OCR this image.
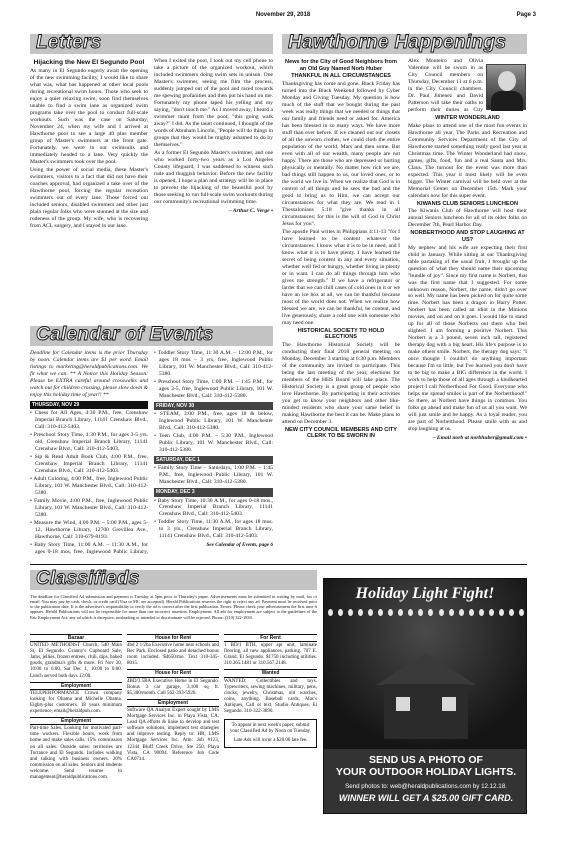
November 29, 2018	Page 3
Letters
Hijacking the New El Segundo Pool

As many in El Segundo eagerly await the opening of the new swimming facility, I would like to share what was, what has happened at other local pools during recreational swim hours. Those who seek to enjoy a quiet relaxing swim, soon find themselves unable to find a swim lane as organized swim programs take over the pool to conduct full-scale workouts. Such was the case on Saturday, November 24, when my wife and I arrived at Hawthorne pool to see a large 40 plus member group of Master's swimmers at the front gate. Fortunately, we were in our swimsuits and immediately headed to a lane. Very quickly the Master's swimmers took over the pool.

Using the power of social media, these Master's swimmers, visitors to a fact that did not have their coaches approval, had organized a take over of the Hawthorne pool, forcing the regular recreation swimmers out of every lane. Those forced out included seniors, disabled swimmers and other just plain regular folks who were stunned at the size and rudeness of the group. My wife, who is recovering from ACL surgery, and I stayed in our lane.

When I exited the pool, I took out my cell phone to take a picture of the organized workout, which included swimmers doing swim sets in unison. One Master's swimmer, seeing me film the process, suddenly jumped out of the pool and raced towards me spewing profanities and then put his hand on me. Fortunately my phone taped his yelling and my saying, "don't touch me." As I moved away, I heard a swimmer taunt from the pool, "this going walk away?" I did. As the taunt continued, I thought of the words of Abraham Lincoln, "People will do things in groups that they would be mighty ashamed to do by themselves."

As a former El Segundo Master's swimmer, and one who worked forty-two years as a Los Angeles County lifeguard, I was saddened to witness such rude and thuggish behavior. Before the new facility is opened, I hope a plan and strategy will be in place to prevent the hijacking of the beautiful pool by those seeking to run full-scale swim workouts during our community's recreational swimming time.

– Arthur C. Verge •
Calendar of Events

Deadline for Calendar items is the prior Thursday by noon. Calendar items are $1 per word. Email listings to marketing@heraldpublications.com. We fit what we can. ** A Notice this Holiday Season: Please be EXTRA careful around crosswalks and watch out for children crossing, please slow down & enjoy this holiday time of year!! **

THURSDAY, NOV 29
• Chess for All Ages, 4:30 P.M., free, Crenshaw Imperial Branch Library, 11141 Crenshaw Blvd., Call: 310-412-5403.
• Preschool Story Time, 1:30 P.M., for ages 3-5 yrs. old, Crenshaw Imperial Branch Library, 11141 Crenshaw Blvd., Call: 310-412-5403.
• Sip & Read Adult Book Club, 4:00 P.M., free, Crenshaw Imperial Branch Library, 11141 Crenshaw Blvd., Call: 310-412-5403.
• Adult Coloring, 4:00 P.M., free, Inglewood Public Library, 101 W. Manchester Blvd., Call: 310-412-5380.
• Family Movie, 4:00 P.M., free, Inglewood Public Library, 101 W. Manchester Blvd., Call: 310-412-5380.
• Measure the Wind, 4:00 P.M. – 5:00 P.M., ages 5-12, Hawthorne Library, 12700 Grevillea Ave., Hawthorne, Call: 310-679-8193.
• Baby Story Time, 11:00 A.M. – 11:30 A.M., for ages 0-18 mos, free, Inglewood Public Library,
• Toddler Story Time, 11:30 A.M. – 12:00 P.M., for ages 18 mos – 3 yrs, free, Inglewood Public Library, 101 W. Manchester Blvd., Call: 310-412-5380.
• Preschool Story Time, 1:00 P.M. – 1:45 P.M., for ages 3-5, free, Inglewood Public Library, 101 W. Manchester Blvd., Call: 310-412-5380.
FRIDAY, NOV 30
• STEAM, 3:00 P.M., free, ages 18 & below, Inglewood Public Library, 101 W. Manchester Blvd., Call: 310-412-5380.
• Teen Club, 4:00 P.M. – 5:30 P.M., Inglewood Public Library, 101 W. Manchester Blvd., Call: 310-412-5380.
SATURDAY, DEC 1
• Family Story Time – Saturdays, 1:00 P.M. – 1:45 P.M., free, Inglewood Public Library, 101 W. Manchester Blvd., Call: 310-412-5380.
MONDAY, DEC 3
• Baby Story Time, 10:30 A.M., for ages 0-18 mos., Crenshaw Imperial Branch Library, 11141 Crenshaw Blvd., Call: 310-412-5403.
• Toddler Story Time, 11:30 A.M., for ages 18 mos. to 3 yrs., Crenshaw Imperial Branch Library, 11141 Crenshaw Blvd., Call: 310-412-5403.
See Calendar of Events, page 6
Hawthorne Happenings
News for the City of Good Neighbors from an Old Guy Named Norb Huber
THANKFUL IN ALL CIRCUMSTANCES

Thanksgiving has come and gone. Black Friday has turned into the Black Weekend followed by Cyber Monday and Giving Tuesday. My question is how much of the stuff that we bought during the past week was really things that we needed or things that our family and friends need or asked for. America has been blessed in so many ways. We have more stuff than ever before. If we cleaned out our closets of all the unworn clothes, we could cloth the entire population of the world, Mars and then some. But even with all of our wealth, many people are not happy. There are those who are depressed or hurting physically or mentally. No matter how rich we are, bad things still happen to us, our loved ones, or to the world we live in. When we realize that God is in control of all things and he sees the bad and the good to bring us to Him, we can accept our circumstances for what they are. We read in 1 Thessalonians 5:18 "give thanks in all circumstances; for this is the will of God in Christ Jesus for you".

The apostle Paul writes in Philippians 4:11-13 "for I have learned to be content whatever the circumstances. I know what it is to be in need, and I know what it is to have plenty. I have learned the secret of being content in any and every situation, whether well fed or hungry, whether living in plenty or in want. I can do all things through him who gives me strength." If we have a refrigerator or larder that we can chill cases of cold ones in it or we have an ice box at all, we can be thankful because most of the world does not. When we realize how blessed we are, we can be thankful, be content, and live generously, share a cold one with someone who may need one.

HISTORICAL SOCIETY TO HOLD ELECTIONS

The Hawthorne Historical Society will be conducting their final 2018 general meeting on Monday, December 3 starting at 6:30 p.m. Members of the community are invited to participate. This being the last meeting of the year, elections for members of the HHS Board will take place. The Historical Society is a great group of people who love Hawthorne. By participating in their activities you get to know your neighbors and other like-minded residents who share your same belief in making Hawthorne the best it can be. Make plans to attend on December 3.

NEW CITY COUNCIL MEMBERS AND CITY CLERK TO BE SWORN IN

Alex Monteiro and Olivia Valentine will be sworn in as City Council members on Thursday, December 11 at 6 p.m. in the City Council chambers. Dr. Paul Jimenez and David Patterson will take their oaths to perform their duties as City

WINTER WONDERLAND

Make plans to attend one of the most fun events in Hawthorne all year. The Parks and Recreation and Community Services Department of the City of Hawthorne started something really good last year at Christmas time. The Winter Wonderland had snow, games, gifts, food, fun and a real Santa and Mrs. Claus. The turnout for the event was more than expected. This year it most likely will be even bigger. The Winter carnival will be held over at the Memorial Center on December 15th. Mark your calendars now for this super event.

KIWANIS CLUB SENIORS LUNCHEON

The Kiwanis Club of Hawthorne will host their annual Seniors luncheon for all of its older folks on December 7th, Pearl Harbor Day.

NORBERTHOOD AND STOP LAUGHING AT US?

My nephew and his wife are expecting their first child in January. While sitting at our Thanksgiving table partaking of the usual fruit, I brought up the question of what they should name their upcoming "bundle of joy". Since my first name is Norbert, that was the first name that I suggested. For some unknown reason, Norbert, the name, didn't go over so well. My name has been picked on for quite some time. Norbert has been a dragon in Harry Potter. Norbert has been called an idiot in the Minions movies, and on and on it goes. I would like to stand up for all of those Norberts out there who feel slighted. I am forming a positive Norbert. This Norbert is a 3 pound, seven inch tall, registered therapy dog with a big heart. His life's purpose is to make others smile. Norbert, the therapy dog says: "I once thought I couldn't do anything important because I'm so little, but I've learned you don't have to be big to make a BIG difference in the world. I work to help those of all ages through a kindhearted project I call Norberthood For Good. Everyone who helps me spread smiles is part of the Norberthood!" So there, as Norbert have things in common. You folks go ahead and make fun of us all you want. We will just smile and be happy. As a loyal reader, you are part of Norberthood. Please smile with us and stop laughing at us.

– Email norb at norbhuber@gmail.com •
Classifieds

The deadline for Classified Ad submission and payment is Tuesday at 5pm prior to Thursday's paper. Advertisements must be submitted in writing by mail, fax or email. You may pay by cash, check, or credit card (Visa or MC are accepted). Herald Publications reserves the right to reject any ad. Payment must be received prior to the publication date. It is the advertiser's responsibility to verify the ad is correct after the first publication. Errors: Please check your advertisement the first time it appears. Herald Publications will not be responsible for more than one incorrect insertion. Employment: All ads for employment are subject to the guidelines of the Fair Employment Act; any ad which is deceptive, misleading or intended to discriminate will be rejected. Phone: (310) 322-1830.

Bazaar

UNITED METHODIST Church, 540 Main St, El Segundo. Granny's Cupboard Sale, Jams, jellies, frozen entrees, chili, dips, baked goods, grandma's gifts & more. Fri Nov 30, 10:00 to 6:00, Sat Dec 1, 10:00 to 6:00. Lunch served both days 12:00.

Employment

TELEPERFORMANCE Crown company looking for Obama and Michelle Obama. Eighty-plus customers. 18 years minimum experience, email@heraldpub.com.

Employment

Part-time Sales. Looking for motivated part-time workers. Flexible hours, work from home and make sales calls. 15% commission on all sales. Outside sales: territories are Torrance and El Segundo. Includes walking and talking with business owners. 20% commission on all sales. Seniors and students welcome. Send resume to management@heraldpublications.com.

House for Rent

4bd 2 1/2ba Executive home near schools and Rec Park. Enclosed patio and detached bonus room included. $4650/mo. Text 310-345-8015.

House for Rent

4BD/3.5BA Executive Home in El Segundo. Bonus 3 car garage, 3,100 sq ft. $5,300/month. Call 562-393-5926.

Employment

Software QA Analyst Expert sought by LMS Mortgage Services Inc. in Playa Vista, CA. Lead QA efforts & liaise to develop and test software solutions, implement test strategies and improve testing. Reply to: HR, LMS Mortgage Services Inc. Attn: Job #123, 12344 Bluff Creek Drive, Ste 250, Playa Vista, CA 90094. Reference Job Code CA0714.

For Rent

1 BD/1 BTH, upper apt unit, laminate flooring, all new appliances, parking. 707 E. Grand, El Segundo. $1750 including utilities. 310.365.1481 or 310.567.2148.

Wanted

WANTED: Collectibles and toys. Typewriters, sewing machines, military, pens, clocks, jewelry, Christmas, old watches, coins, anything. Baseball cards, Mac's Antiques, Call or text, Studio Antiques, El Segundo. 310-322-3896.

To appear in next week's paper, submit your Classified Ad by Noon on Tuesday.

Late Ads will incur a $20.00 late fee.

Holiday Light Fight!
SEND US A PHOTO OF
YOUR OUTDOOR HOLIDAY LIGHTS.
Send photos to: web@heraldpublications.com by 12.12.18.
WINNER WILL GET A $25.00 GIFT CARD.
